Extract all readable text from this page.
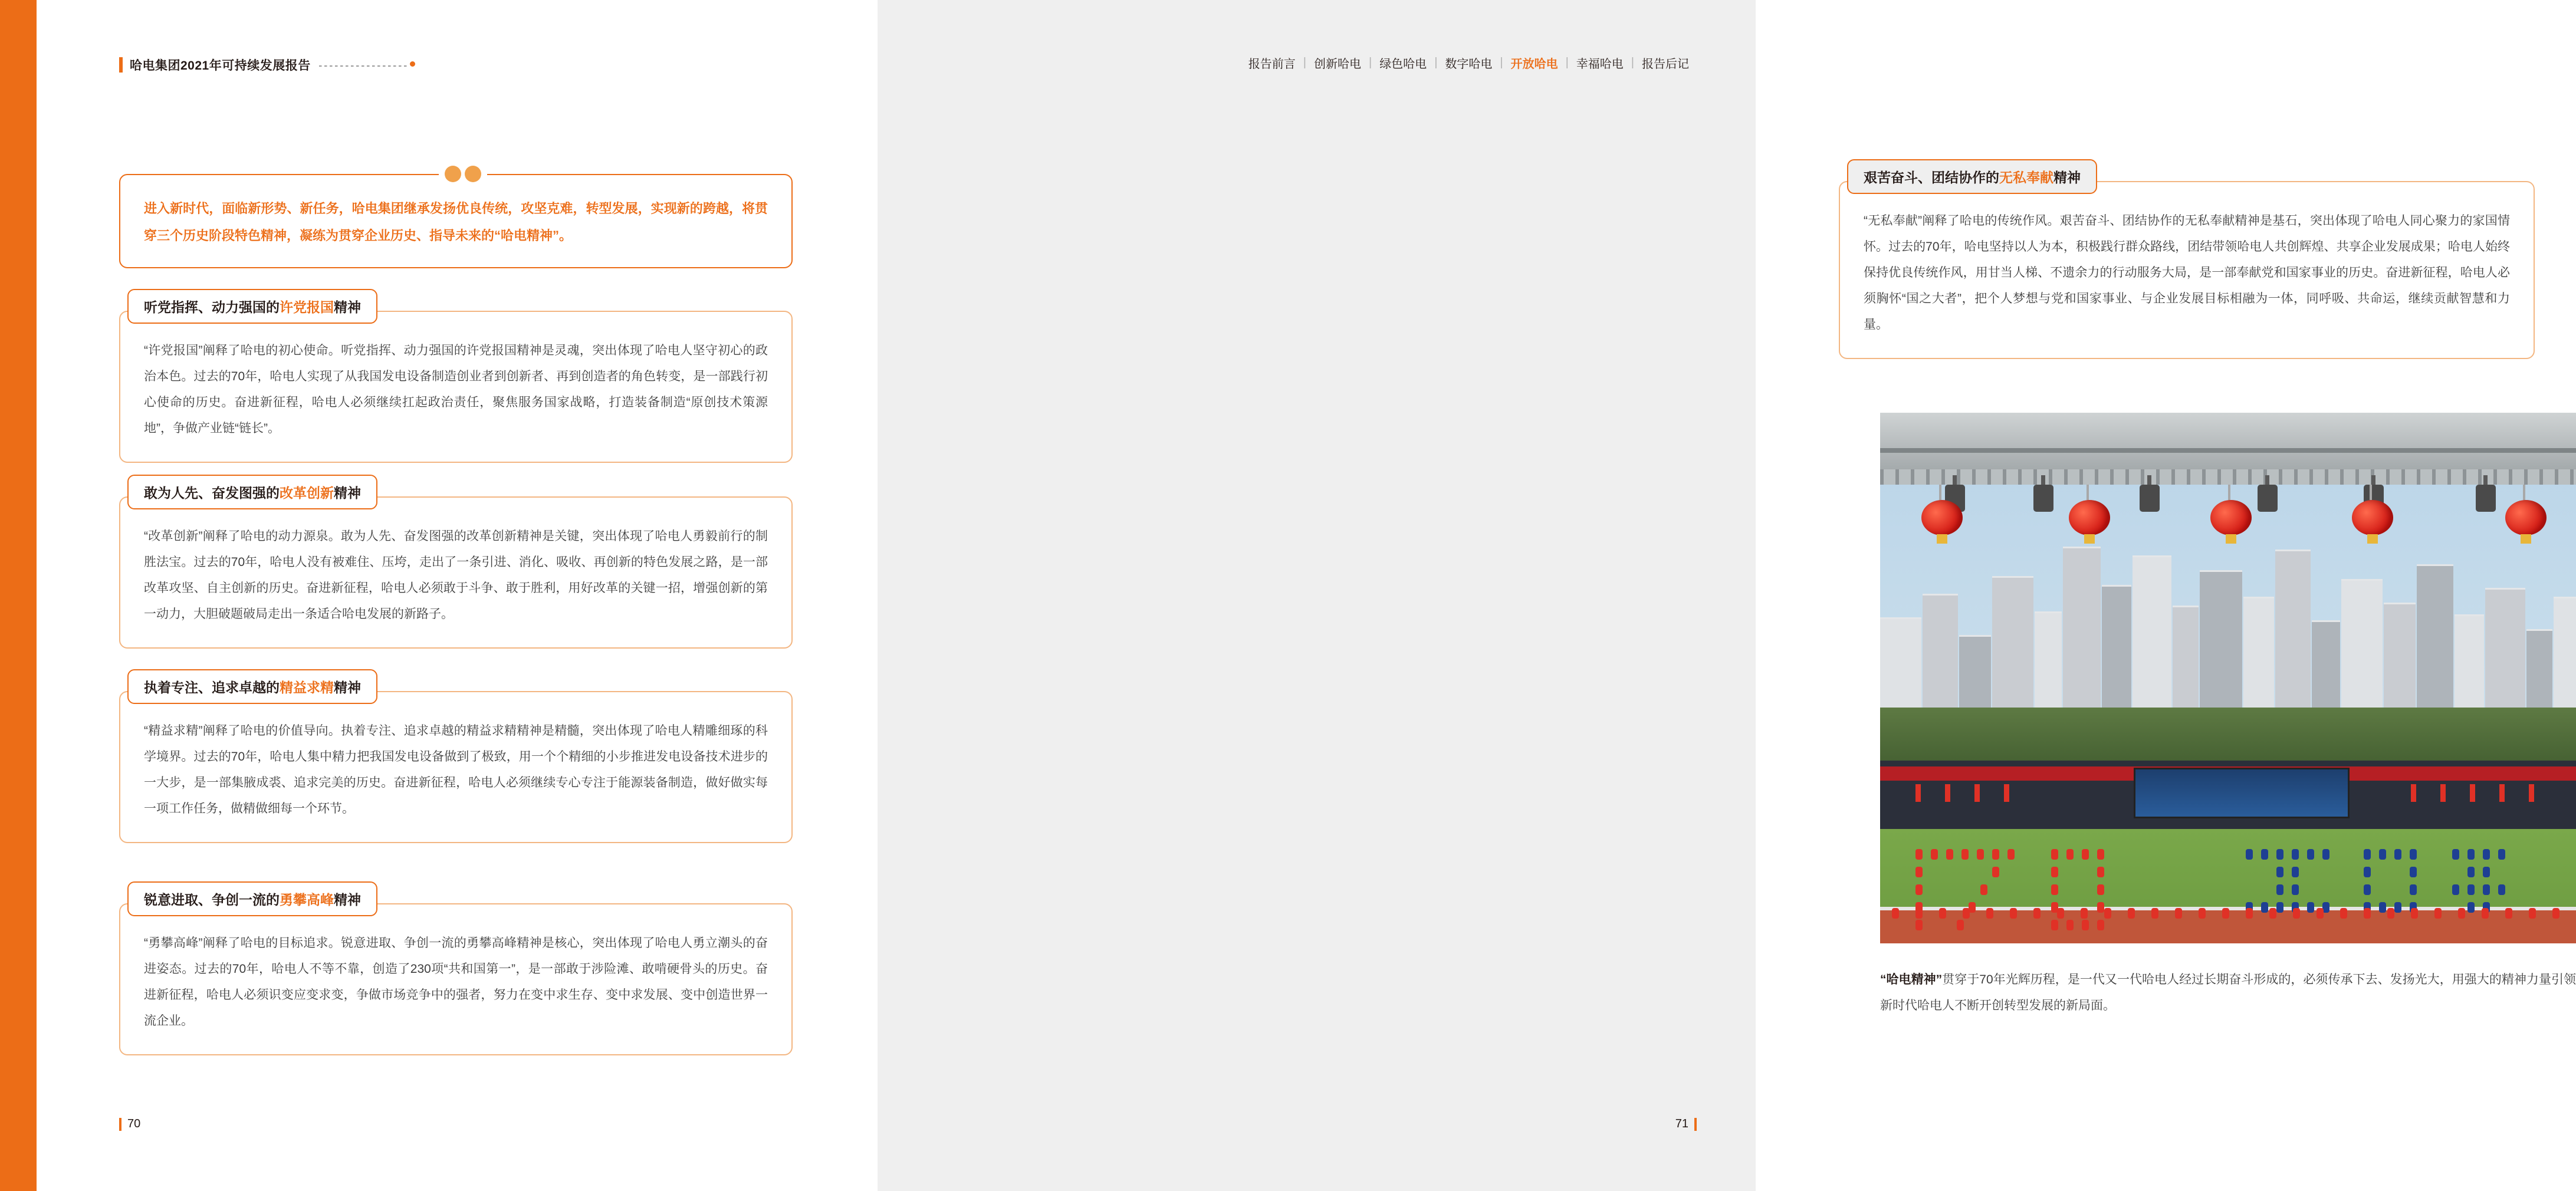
哈电集团2021年可持续发展报告
进入新时代，面临新形势、新任务，哈电集团继承发扬优良传统，攻坚克难，转型发展，实现新的跨越，将贯穿三个历史阶段特色精神，凝练为贯穿企业历史、指导未来的“哈电精神”。
听党指挥、动力强国的许党报国精神

“许党报国”阐释了哈电的初心使命。听党指挥、动力强国的许党报国精神是灵魂，突出体现了哈电人坚守初心的政治本色。过去的70年，哈电人实现了从我国发电设备制造创业者到创新者、再到创造者的角色转变，是一部践行初心使命的历史。奋进新征程，哈电人必须继续扛起政治责任，聚焦服务国家战略，打造装备制造“原创技术策源地”，争做产业链“链长”。

敢为人先、奋发图强的改革创新精神

“改革创新”阐释了哈电的动力源泉。敢为人先、奋发图强的改革创新精神是关键，突出体现了哈电人勇毅前行的制胜法宝。过去的70年，哈电人没有被难住、压垮，走出了一条引进、消化、吸收、再创新的特色发展之路，是一部改革攻坚、自主创新的历史。奋进新征程，哈电人必须敢于斗争、敢于胜利，用好改革的关键一招，增强创新的第一动力，大胆破题破局走出一条适合哈电发展的新路子。

执着专注、追求卓越的精益求精精神

“精益求精”阐释了哈电的价值导向。执着专注、追求卓越的精益求精精神是精髓，突出体现了哈电人精雕细琢的科学境界。过去的70年，哈电人集中精力把我国发电设备做到了极致，用一个个精细的小步推进发电设备技术进步的一大步，是一部集腋成裘、追求完美的历史。奋进新征程，哈电人必须继续专心专注于能源装备制造，做好做实每一项工作任务，做精做细每一个环节。

锐意进取、争创一流的勇攀高峰精神

“勇攀高峰”阐释了哈电的目标追求。锐意进取、争创一流的勇攀高峰精神是核心，突出体现了哈电人勇立潮头的奋进姿态。过去的70年，哈电人不等不靠，创造了230项“共和国第一”，是一部敢于涉险滩、敢啃硬骨头的历史。奋进新征程，哈电人必须识变应变求变，争做市场竞争中的强者，努力在变中求生存、变中求发展、变中创造世界一流企业。

70
报告前言 | 创新哈电 | 绿色哈电 | 数字哈电 | 开放哈电 | 幸福哈电 | 报告后记
艰苦奋斗、团结协作的无私奉献精神

“无私奉献”阐释了哈电的传统作风。艰苦奋斗、团结协作的无私奉献精神是基石，突出体现了哈电人同心聚力的家国情怀。过去的70年，哈电坚持以人为本，积极践行群众路线，团结带领哈电人共创辉煌、共享企业发展成果；哈电人始终保持优良传统作风，用甘当人梯、不遗余力的行动服务大局，是一部奉献党和国家事业的历史。奋进新征程，哈电人必须胸怀“国之大者”，把个人梦想与党和国家事业、与企业发展目标相融为一体，同呼吸、共命运，继续贡献智慧和力量。

“哈电精神”贯穿于70年光辉历程，是一代又一代哈电人经过长期奋斗形成的，必须传承下去、发扬光大，用强大的精神力量引领新时代哈电人不断开创转型发展的新局面。
71
